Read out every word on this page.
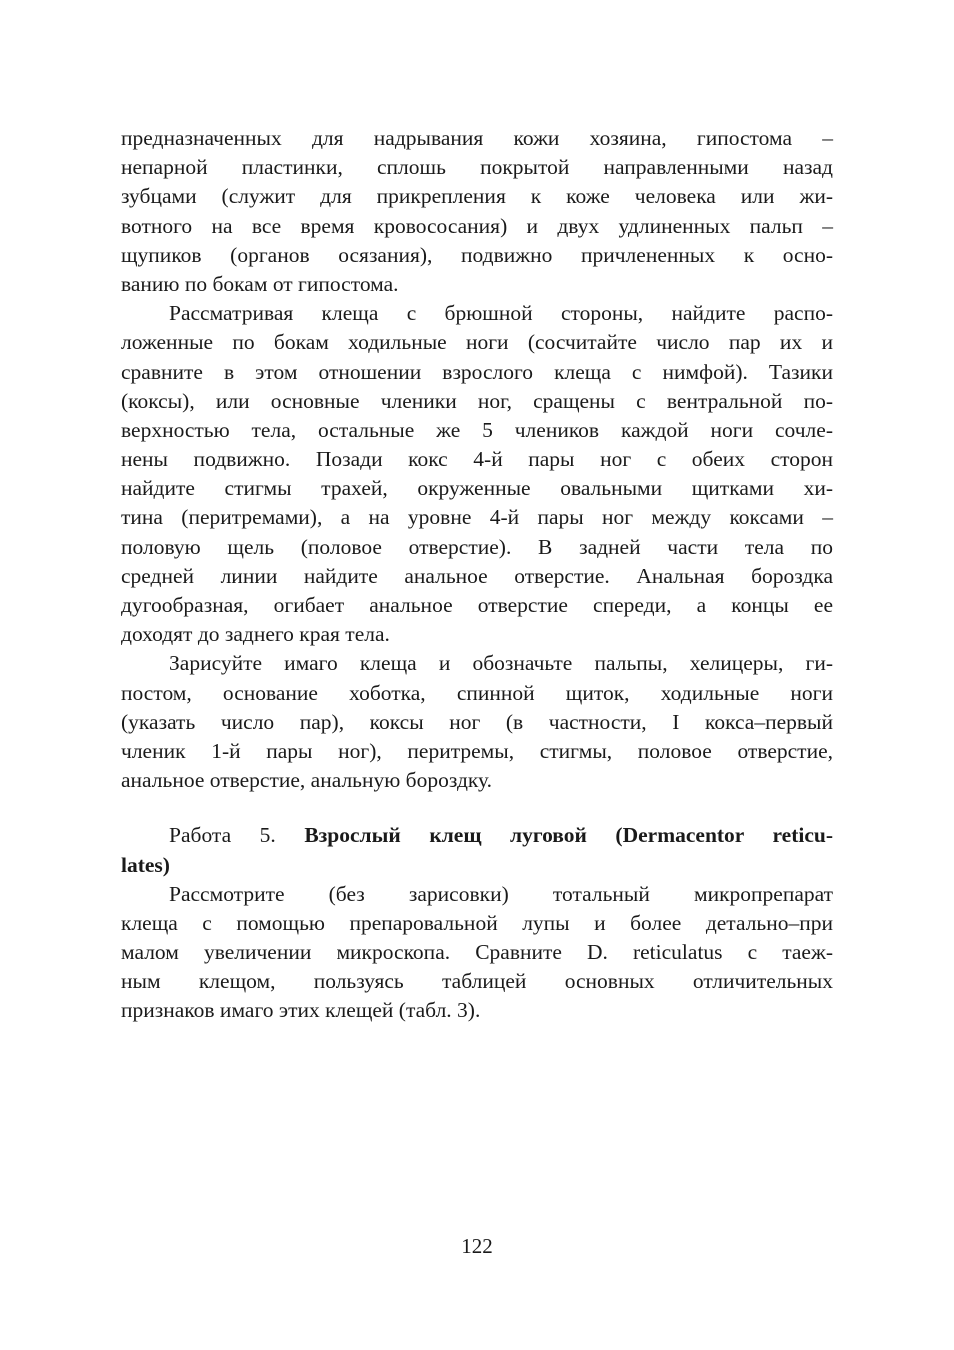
предназначенных для надрывания кожи хозяина, гипостома –
непарной пластинки, сплошь покрытой направленными назад
зубцами (служит для прикрепления к коже человека или жи-
вотного на все время кровососания) и двух удлиненных пальп –
щупиков (органов осязания), подвижно причлененных к осно-
ванию по бокам от гипостома.
Рассматривая клеща с брюшной стороны, найдите распо-
ложенные по бокам ходильные ноги (сосчитайте число пар их и
сравните в этом отношении взрослого клеща с нимфой). Тазики
(коксы), или основные членики ног, сращены с вентральной по-
верхностью тела, остальные же 5 члеников каждой ноги сочле-
нены подвижно. Позади кокс 4-й пары ног с обеих сторон
найдите стигмы трахей, окруженные овальными щитками хи-
тина (перитремами), а на уровне 4-й пары ног между коксами –
половую щель (половое отверстие). В задней части тела по
средней линии найдите анальное отверстие. Анальная бороздка
дугообразная, огибает анальное отверстие спереди, а концы ее
доходят до заднего края тела.
Зарисуйте имаго клеща и обозначьте пальпы, хелицеры, ги-
постом, основание хоботка, спинной щиток, ходильные ноги
(указать число пар), коксы ног (в частности, I кокса–первый
членик 1-й пары ног), перитремы, стигмы, половое отверстие,
анальное отверстие, анальную бороздку.
Работа 5. Взрослый клещ луговой (Dermacentor reticu-
lates)
Рассмотрите (без зарисовки) тотальный микропрепарат
клеща с помощью препаровальной лупы и более детально–при
малом увеличении микроскопа. Сравните D. reticulatus с таеж-
ным клещом, пользуясь таблицей основных отличительных
признаков имаго этих клещей (табл. 3).
122
